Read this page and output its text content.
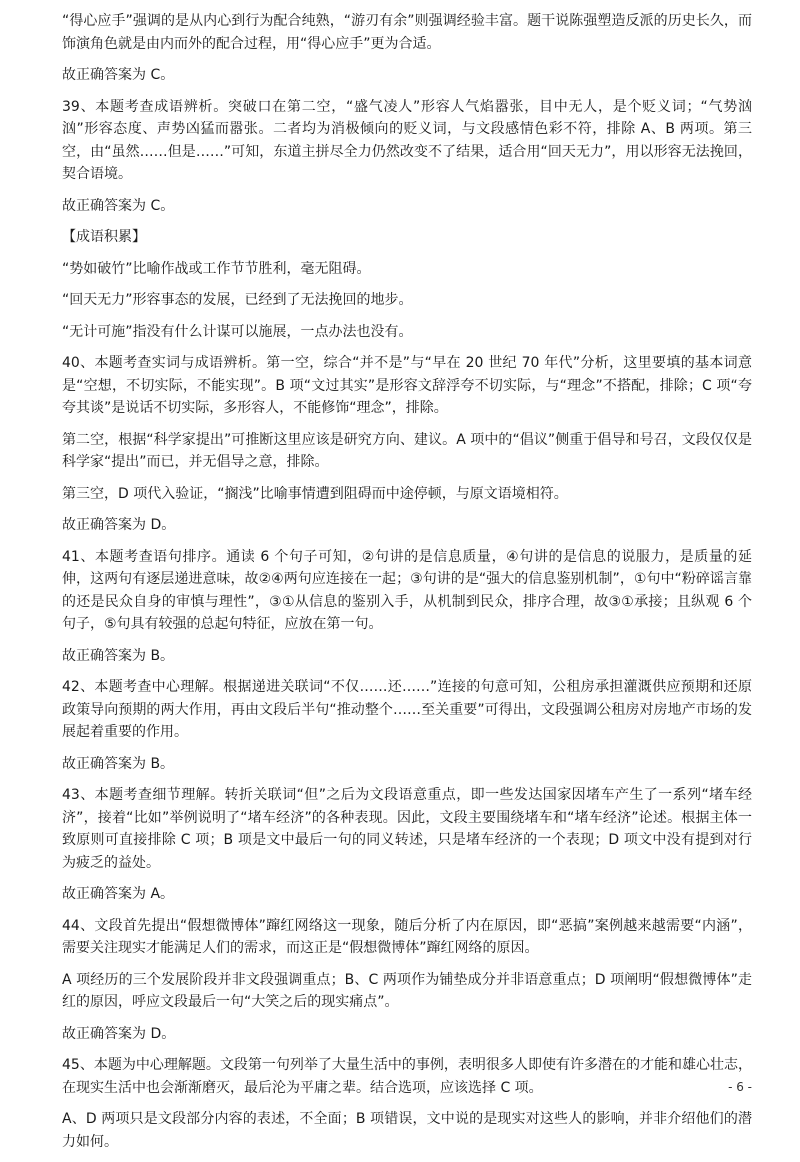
“得心应手”强调的是从内心到行为配合纯熟，“游刃有余”则强调经验丰富。题干说陈强塑造反派的历史长久，而饰演角色就是由内而外的配合过程，用“得心应手”更为合适。

故正确答案为 C。

39、本题考查成语辨析。突破口在第二空，“盛气凌人”形容人气焰嚣张，目中无人，是个贬义词；“气势汹汹”形容态度、声势凶猛而嚣张。二者均为消极倾向的贬义词，与文段感情色彩不符，排除 A、B 两项。第三空，由“虽然……但是……”可知，东道主拼尽全力仍然改变不了结果，适合用“回天无力”，用以形容无法挽回，契合语境。

故正确答案为 C。

【成语积累】

“势如破竹”比喻作战或工作节节胜利，毫无阻碍。

“回天无力”形容事态的发展，已经到了无法挽回的地步。

“无计可施”指没有什么计谋可以施展，一点办法也没有。

40、本题考查实词与成语辨析。第一空，综合“并不是”与“早在 20 世纪 70 年代”分析，这里要填的基本词意是“空想，不切实际，不能实现”。B 项“文过其实”是形容文辞浮夸不切实际，与“理念”不搭配，排除；C 项“夸夸其谈”是说话不切实际，多形容人，不能修饰“理念”，排除。

第二空，根据“科学家提出”可推断这里应该是研究方向、建议。A 项中的“倡议”侧重于倡导和号召，文段仅仅是科学家“提出”而已，并无倡导之意，排除。

第三空，D 项代入验证，“搁浅”比喻事情遭到阻碍而中途停顿，与原文语境相符。

故正确答案为 D。

41、本题考查语句排序。通读 6 个句子可知，②句讲的是信息质量，④句讲的是信息的说服力，是质量的延伸，这两句有逐层递进意味，故②④两句应连接在一起；③句讲的是“强大的信息鉴别机制”，①句中“粉碎谣言靠的还是民众自身的审慎与理性”，③①从信息的鉴别入手，从机制到民众，排序合理，故③①承接；且纵观 6 个句子，⑤句具有较强的总起句特征，应放在第一句。

故正确答案为 B。

42、本题考查中心理解。根据递进关联词“不仅……还……”连接的句意可知，公租房承担灌溉供应预期和还原政策导向预期的两大作用，再由文段后半句“推动整个……至关重要”可得出，文段强调公租房对房地产市场的发展起着重要的作用。

故正确答案为 B。

43、本题考查细节理解。转折关联词“但”之后为文段语意重点，即一些发达国家因堵车产生了一系列“堵车经济”，接着“比如”举例说明了“堵车经济”的各种表现。因此，文段主要围绕堵车和“堵车经济”论述。根据主体一致原则可直接排除 C 项；B 项是文中最后一句的同义转述，只是堵车经济的一个表现；D 项文中没有提到对行为疲乏的益处。

故正确答案为 A。

44、文段首先提出“假想微博体”蹿红网络这一现象，随后分析了内在原因，即“恶搞”案例越来越需要“内涵”，需要关注现实才能满足人们的需求，而这正是“假想微博体”蹿红网络的原因。

A 项经历的三个发展阶段并非文段强调重点；B、C 两项作为铺垫成分并非语意重点；D 项阐明“假想微博体”走红的原因，呼应文段最后一句“大笑之后的现实痛点”。

故正确答案为 D。

45、本题为中心理解题。文段第一句列举了大量生活中的事例，表明很多人即使有许多潜在的才能和雄心壮志，在现实生活中也会渐渐磨灭，最后沦为平庸之辈。结合选项，应该选择 C 项。

A、D 两项只是文段部分内容的表述，不全面；B 项错误，文中说的是现实对这些人的影响，并非介绍他们的潜力如何。

- 6 -
